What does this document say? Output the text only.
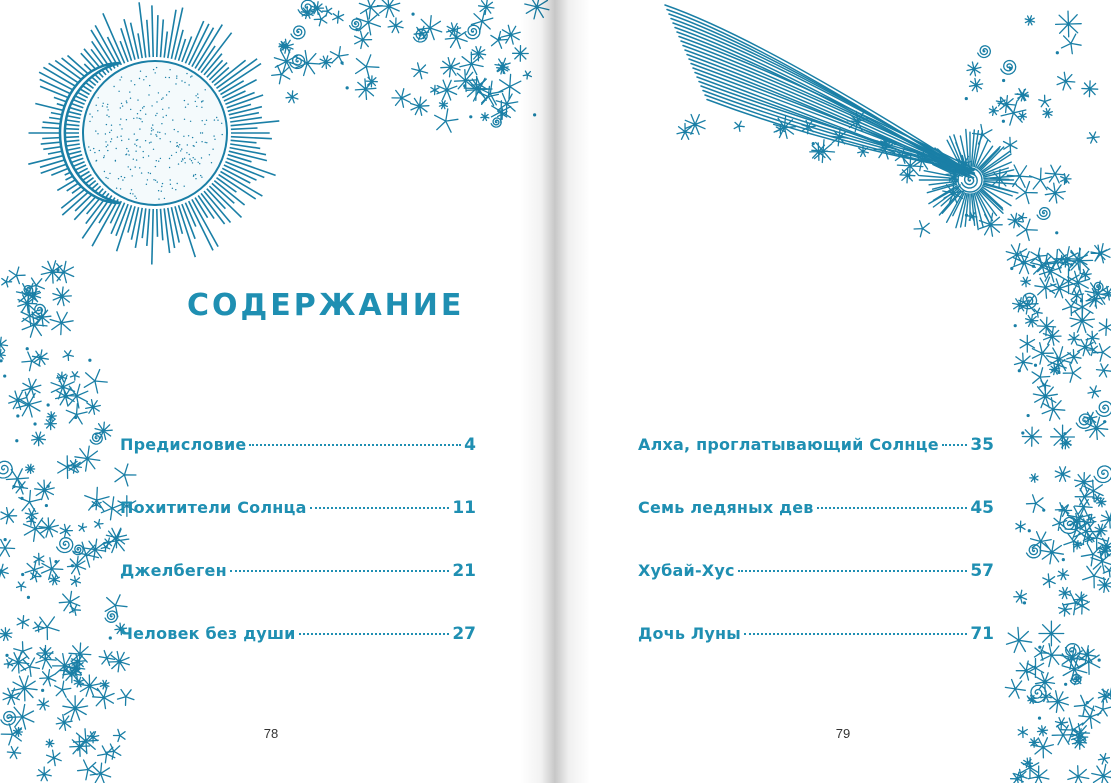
СОДЕРЖАНИЕ
Предисловие	4
Похитители Солнца	11
Джелбеген	21
Человек без души	27
78
Алха, проглатывающий Солнце 35
Семь ледяных дев	45
Хубай-Хус	57
Дочь Луны	71
79
